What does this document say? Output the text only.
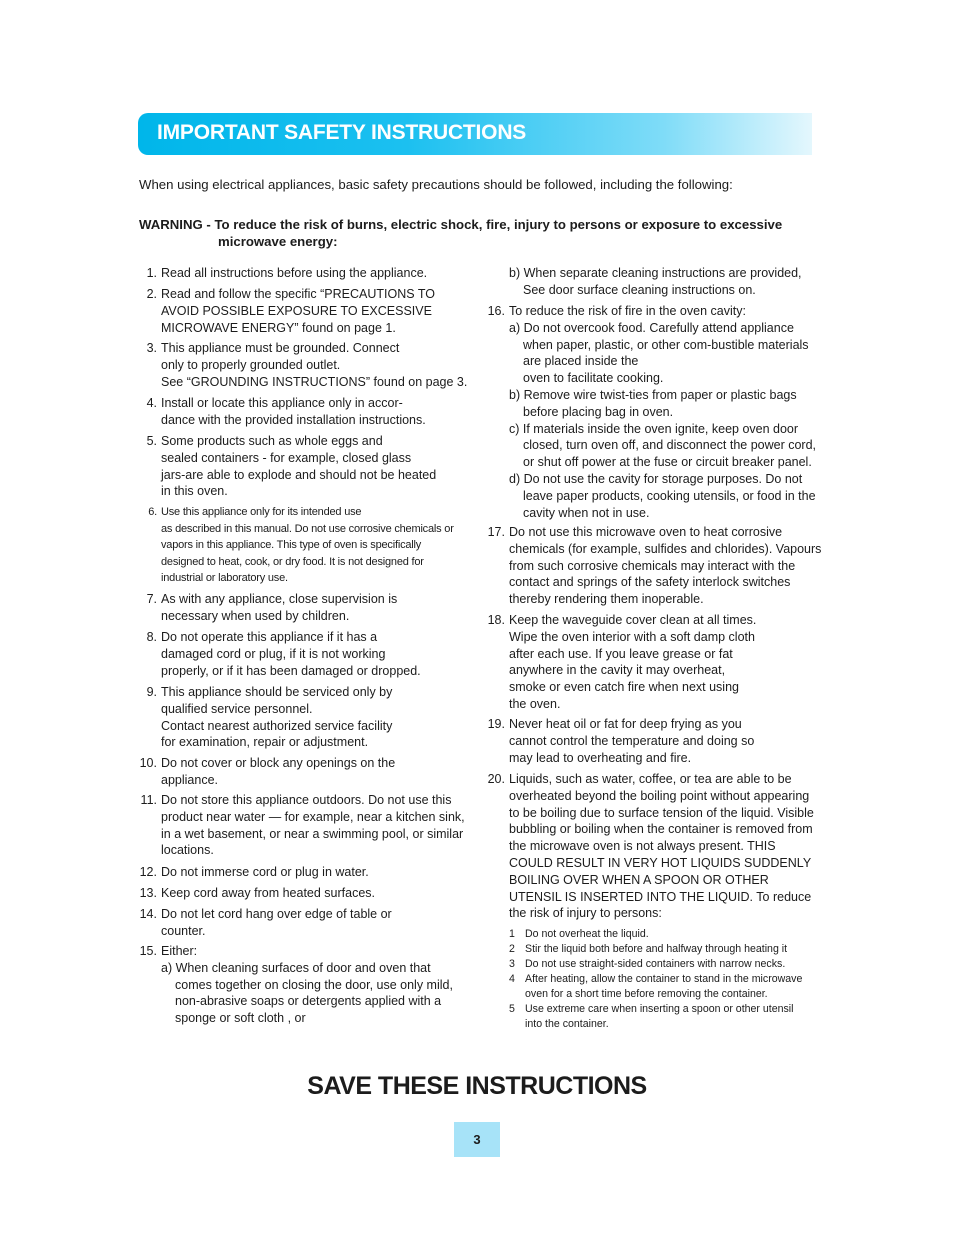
IMPORTANT SAFETY INSTRUCTIONS

When using electrical appliances, basic safety precautions should be followed, including the following:

WARNING - To reduce the risk of burns, electric shock, fire, injury to persons or exposure to excessive
microwave energy:
1. Read all instructions before using the appliance.
2. Read and follow the specific “PRECAUTIONS TO
AVOID POSSIBLE EXPOSURE TO EXCESSIVE
MICROWAVE ENERGY” found on page 1.
3. This appliance must be grounded. Connect
only to properly grounded outlet.
See “GROUNDING INSTRUCTIONS” found on page 3.
4. Install or locate this appliance only in accor-
dance with the provided installation instructions.
5. Some products such as whole eggs and
sealed containers - for example, closed glass
jars-are able to explode and should not be heated
in this oven.
6. Use this appliance only for its intended use
as described in this manual. Do not use corrosive chemicals or
vapors in this appliance. This type of oven is specifically
designed to heat, cook, or dry food. It is not designed for
industrial or laboratory use.
7. As with any appliance, close supervision is
necessary when used by children.
8. Do not operate this appliance if it has a
damaged cord or plug, if it is not working
properly, or if it has been damaged or dropped.
9. This appliance should be serviced only by
qualified service personnel.
Contact nearest authorized service facility
for examination, repair or adjustment.
10. Do not cover or block any openings on the
appliance.
11. Do not store this appliance outdoors. Do not use this
product near water — for example, near a kitchen sink,
in a wet basement, or near a swimming pool, or similar
locations.
12. Do not immerse cord or plug in water.
13. Keep cord away from heated surfaces.
14. Do not let cord hang over edge of table or
counter.
15. Either:
a) When cleaning surfaces of door and oven that
comes together on closing the door, use only mild,
non-abrasive soaps or detergents applied with a
sponge or soft cloth , or
b) When separate cleaning instructions are provided,
See door surface cleaning instructions on.
16. To reduce the risk of fire in the oven cavity:
a) Do not overcook food. Carefully attend appliance
when paper, plastic, or other com-bustible materials
are placed inside the
oven to facilitate cooking.
b) Remove wire twist-ties from paper or plastic bags
before placing bag in oven.
c) If materials inside the oven ignite, keep oven door
closed, turn oven off, and disconnect the power cord,
or shut off power at the fuse or circuit breaker panel.
d) Do not use the cavity for storage purposes. Do not
leave paper products, cooking utensils, or food in the
cavity when not in use.
17. Do not use this microwave oven to heat corrosive
chemicals (for example, sulfides and chlorides). Vapours
from such corrosive chemicals may interact with the
contact and springs of the safety interlock switches
thereby rendering them inoperable.
18. Keep the waveguide cover clean at all times.
Wipe the oven interior with a soft damp cloth
after each use. If you leave grease or fat
anywhere in the cavity it may overheat,
smoke or even catch fire when next using
the oven.
19. Never heat oil or fat for deep frying as you
cannot control the temperature and doing so
may lead to overheating and fire.
20. Liquids, such as water, coffee, or tea are able to be
overheated beyond the boiling point without appearing
to be boiling due to surface tension of the liquid. Visible
bubbling or boiling when the container is removed from
the microwave oven is not always present. THIS
COULD RESULT IN VERY HOT LIQUIDS SUDDENLY
BOILING OVER WHEN A SPOON OR OTHER
UTENSIL IS INSERTED INTO THE LIQUID. To reduce
the risk of injury to persons:
1 Do not overheat the liquid.
2 Stir the liquid both before and halfway through heating it
3 Do not use straight-sided containers with narrow necks.
4 After heating, allow the container to stand in the microwave
oven for a short time before removing the container.
5 Use extreme care when inserting a spoon or other utensil
into the container.
SAVE THESE INSTRUCTIONS
3
